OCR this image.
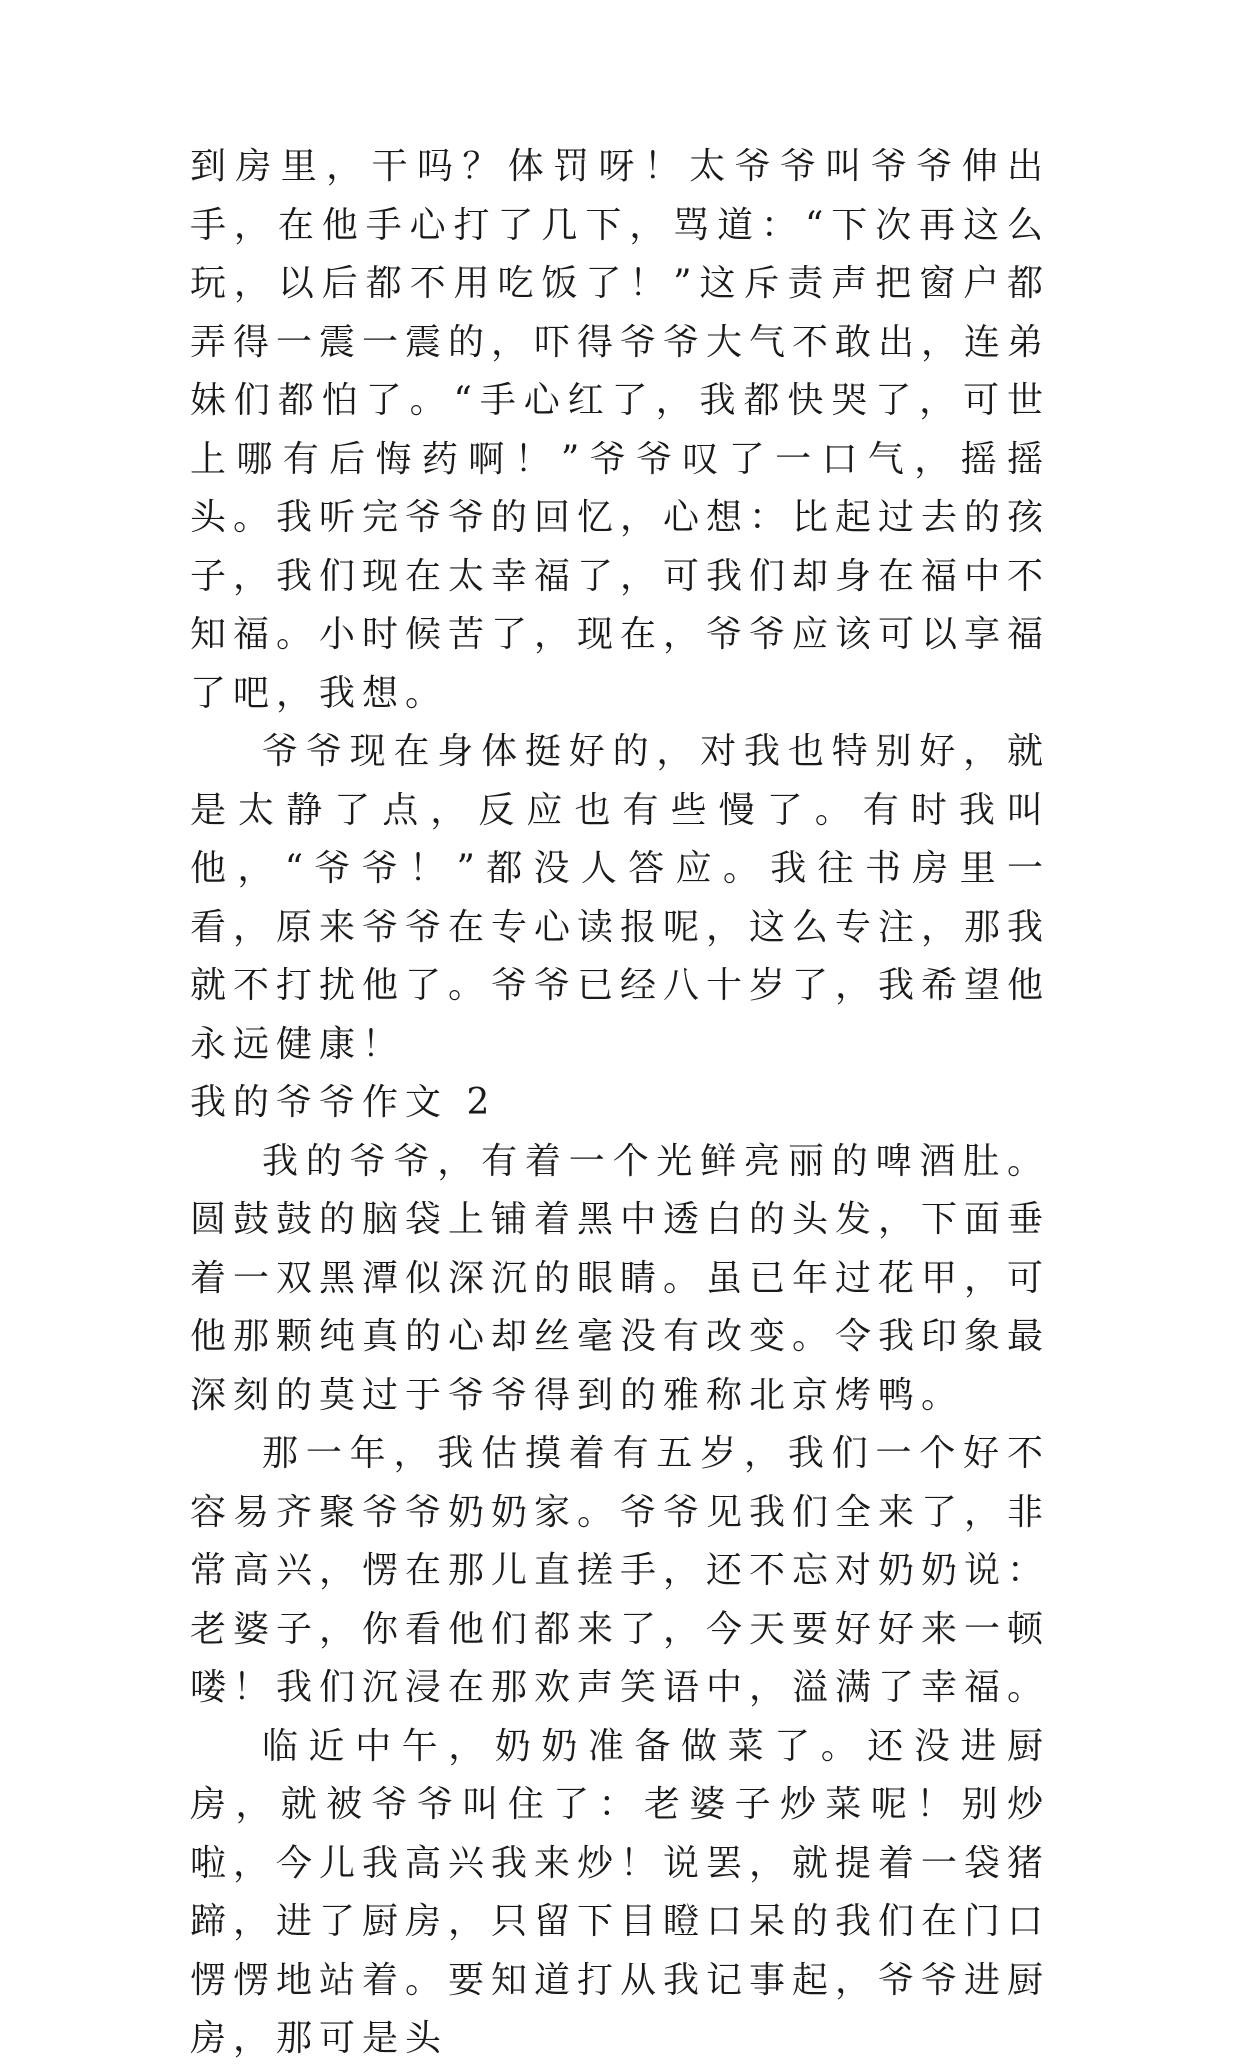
到房里，干吗？体罚呀！太爷爷叫爷爷伸出手，在他手心打了几下，骂道：“下次再这么玩，以后都不用吃饭了！”这斥责声把窗户都弄得一震一震的，吓得爷爷大气不敢出，连弟妹们都怕了。“手心红了，我都快哭了，可世上哪有后悔药啊！”爷爷叹了一口气，摇摇头。我听完爷爷的回忆，心想：比起过去的孩子，我们现在太幸福了，可我们却身在福中不知福。小时候苦了，现在，爷爷应该可以享福了吧，我想。

爷爷现在身体挺好的，对我也特别好，就是太静了点，反应也有些慢了。有时我叫他，“爷爷！”都没人答应。我往书房里一看，原来爷爷在专心读报呢，这么专注，那我就不打扰他了。爷爷已经八十岁了，我希望他永远健康！

我的爷爷作文 2

我的爷爷，有着一个光鲜亮丽的啤酒肚。圆鼓鼓的脑袋上铺着黑中透白的头发，下面垂着一双黑潭似深沉的眼睛。虽已年过花甲，可他那颗纯真的心却丝毫没有改变。令我印象最深刻的莫过于爷爷得到的雅称北京烤鸭。

那一年，我估摸着有五岁，我们一个好不容易齐聚爷爷奶奶家。爷爷见我们全来了，非常高兴，愣在那儿直搓手，还不忘对奶奶说：老婆子，你看他们都来了，今天要好好来一顿喽！我们沉浸在那欢声笑语中，溢满了幸福。

临近中午，奶奶准备做菜了。还没进厨房，就被爷爷叫住了：老婆子炒菜呢！别炒啦，今儿我高兴我来炒！说罢，就提着一袋猪蹄，进了厨房，只留下目瞪口呆的我们在门口愣愣地站着。要知道打从我记事起，爷爷进厨房，那可是头
